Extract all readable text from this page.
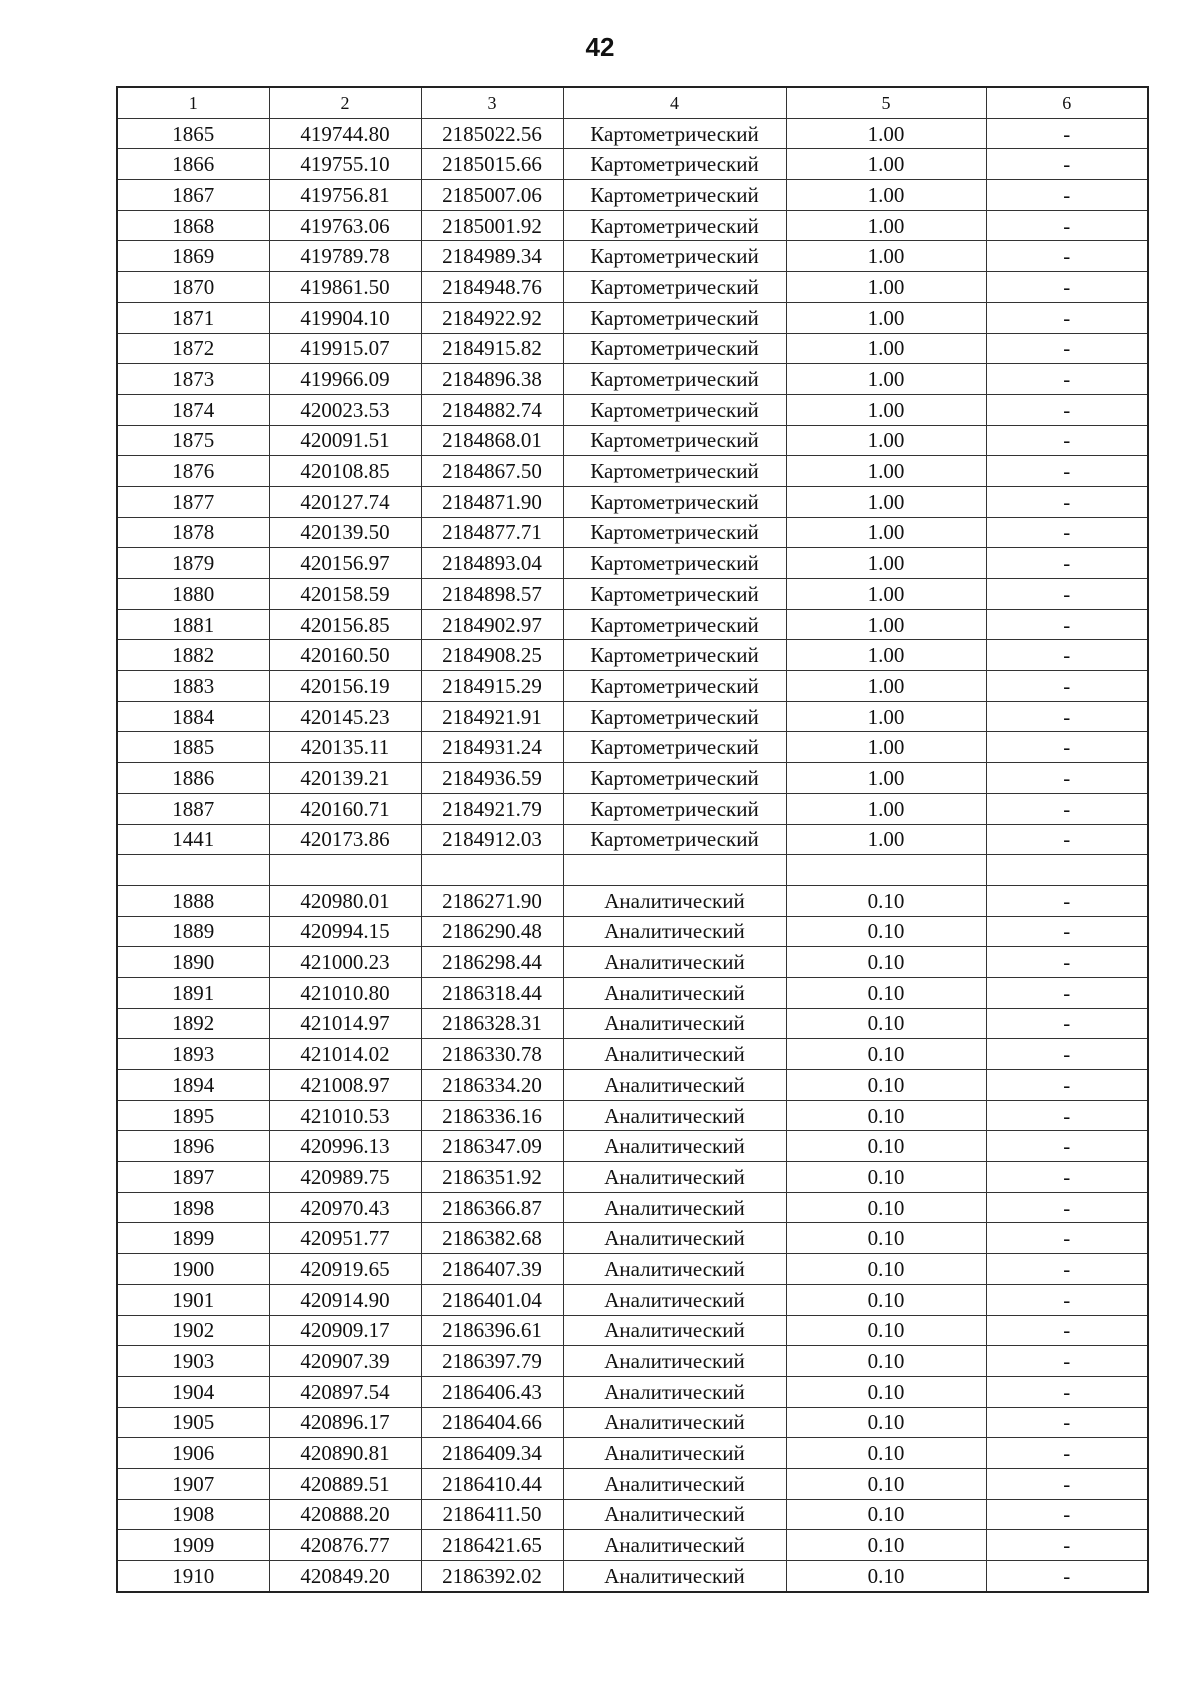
42
1	2	3	4	5	6
1865	419744.80	2185022.56	Картометрический	1.00	-
1866	419755.10	2185015.66	Картометрический	1.00	-
1867	419756.81	2185007.06	Картометрический	1.00	-
1868	419763.06	2185001.92	Картометрический	1.00	-
1869	419789.78	2184989.34	Картометрический	1.00	-
1870	419861.50	2184948.76	Картометрический	1.00	-
1871	419904.10	2184922.92	Картометрический	1.00	-
1872	419915.07	2184915.82	Картометрический	1.00	-
1873	419966.09	2184896.38	Картометрический	1.00	-
1874	420023.53	2184882.74	Картометрический	1.00	-
1875	420091.51	2184868.01	Картометрический	1.00	-
1876	420108.85	2184867.50	Картометрический	1.00	-
1877	420127.74	2184871.90	Картометрический	1.00	-
1878	420139.50	2184877.71	Картометрический	1.00	-
1879	420156.97	2184893.04	Картометрический	1.00	-
1880	420158.59	2184898.57	Картометрический	1.00	-
1881	420156.85	2184902.97	Картометрический	1.00	-
1882	420160.50	2184908.25	Картометрический	1.00	-
1883	420156.19	2184915.29	Картометрический	1.00	-
1884	420145.23	2184921.91	Картометрический	1.00	-
1885	420135.11	2184931.24	Картометрический	1.00	-
1886	420139.21	2184936.59	Картометрический	1.00	-
1887	420160.71	2184921.79	Картометрический	1.00	-
1441	420173.86	2184912.03	Картометрический	1.00	-

1888	420980.01	2186271.90	Аналитический	0.10	-
1889	420994.15	2186290.48	Аналитический	0.10	-
1890	421000.23	2186298.44	Аналитический	0.10	-
1891	421010.80	2186318.44	Аналитический	0.10	-
1892	421014.97	2186328.31	Аналитический	0.10	-
1893	421014.02	2186330.78	Аналитический	0.10	-
1894	421008.97	2186334.20	Аналитический	0.10	-
1895	421010.53	2186336.16	Аналитический	0.10	-
1896	420996.13	2186347.09	Аналитический	0.10	-
1897	420989.75	2186351.92	Аналитический	0.10	-
1898	420970.43	2186366.87	Аналитический	0.10	-
1899	420951.77	2186382.68	Аналитический	0.10	-
1900	420919.65	2186407.39	Аналитический	0.10	-
1901	420914.90	2186401.04	Аналитический	0.10	-
1902	420909.17	2186396.61	Аналитический	0.10	-
1903	420907.39	2186397.79	Аналитический	0.10	-
1904	420897.54	2186406.43	Аналитический	0.10	-
1905	420896.17	2186404.66	Аналитический	0.10	-
1906	420890.81	2186409.34	Аналитический	0.10	-
1907	420889.51	2186410.44	Аналитический	0.10	-
1908	420888.20	2186411.50	Аналитический	0.10	-
1909	420876.77	2186421.65	Аналитический	0.10	-
1910	420849.20	2186392.02	Аналитический	0.10	-
